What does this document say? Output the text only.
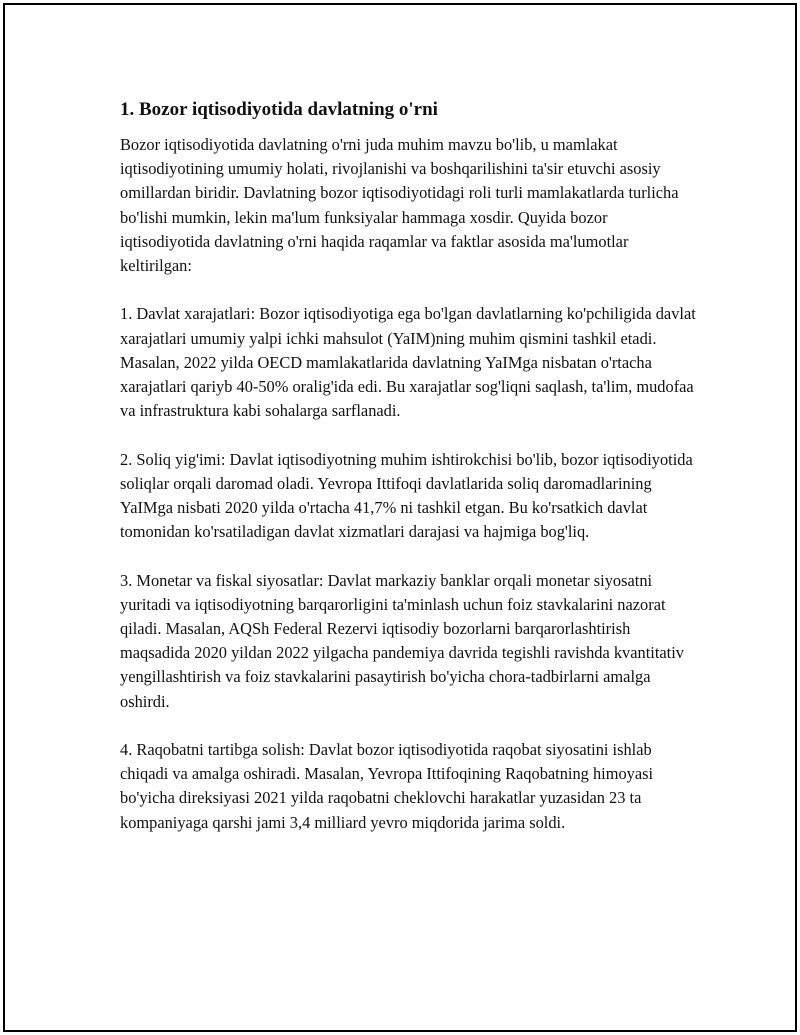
1. Bozor iqtisodiyotida davlatning o'rni

Bozor iqtisodiyotida davlatning o'rni juda muhim mavzu bo'lib, u mamlakat iqtisodiyotining umumiy holati, rivojlanishi va boshqarilishini ta'sir etuvchi asosiy omillardan biridir. Davlatning bozor iqtisodiyotidagi roli turli mamlakatlarda turlicha bo'lishi mumkin, lekin ma'lum funksiyalar hammaga xosdir. Quyida bozor iqtisodiyotida davlatning o'rni haqida raqamlar va faktlar asosida ma'lumotlar keltirilgan:

1. Davlat xarajatlari: Bozor iqtisodiyotiga ega bo'lgan davlatlarning ko'pchiligida davlat xarajatlari umumiy yalpi ichki mahsulot (YaIM)ning muhim qismini tashkil etadi. Masalan, 2022 yilda OECD mamlakatlarida davlatning YaIMga nisbatan o'rtacha xarajatlari qariyb 40-50% oralig'ida edi. Bu xarajatlar sog'liqni saqlash, ta'lim, mudofaa va infrastruktura kabi sohalarga sarflanadi.

2. Soliq yig'imi: Davlat iqtisodiyotning muhim ishtirokchisi bo'lib, bozor iqtisodiyotida soliqlar orqali daromad oladi. Yevropa Ittifoqi davlatlarida soliq daromadlarining YaIMga nisbati 2020 yilda o'rtacha 41,7% ni tashkil etgan. Bu ko'rsatkich davlat tomonidan ko'rsatiladigan davlat xizmatlari darajasi va hajmiga bog'liq.

3. Monetar va fiskal siyosatlar: Davlat markaziy banklar orqali monetar siyosatni yuritadi va iqtisodiyotning barqarorligini ta'minlash uchun foiz stavkalarini nazorat qiladi. Masalan, AQSh Federal Rezervi iqtisodiy bozorlarni barqarorlashtirish maqsadida 2020 yildan 2022 yilgacha pandemiya davrida tegishli ravishda kvantitativ yengillashtirish va foiz stavkalarini pasaytirish bo'yicha chora-tadbirlarni amalga oshirdi.

4. Raqobatni tartibga solish: Davlat bozor iqtisodiyotida raqobat siyosatini ishlab chiqadi va amalga oshiradi. Masalan, Yevropa Ittifoqining Raqobatning himoyasi bo'yicha direksiyasi 2021 yilda raqobatni cheklovchi harakatlar yuzasidan 23 ta kompaniyaga qarshi jami 3,4 milliard yevro miqdorida jarima soldi.
